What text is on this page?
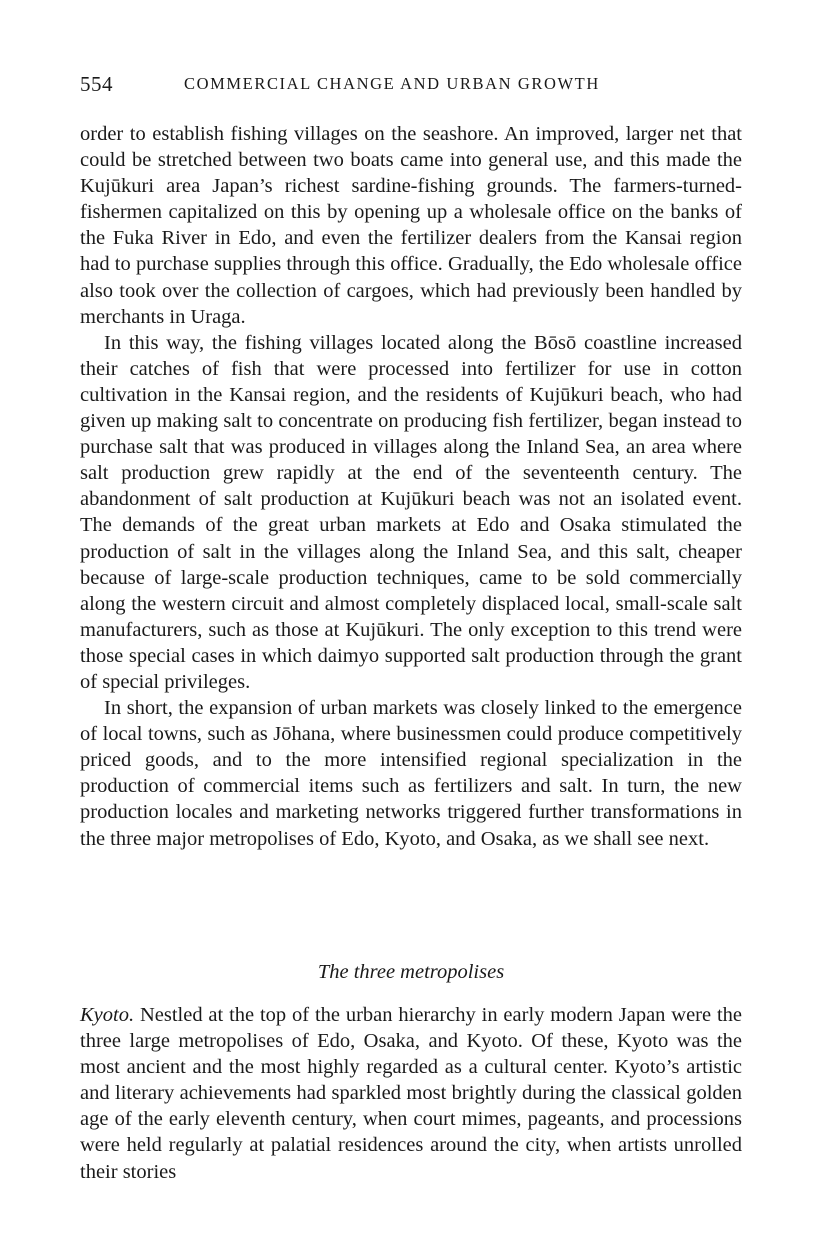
554	COMMERCIAL CHANGE AND URBAN GROWTH

order to establish fishing villages on the seashore. An improved, larger net that could be stretched between two boats came into general use, and this made the Kujūkuri area Japan’s richest sardine-fishing grounds. The farmers-turned-fishermen capitalized on this by opening up a wholesale office on the banks of the Fuka River in Edo, and even the fertilizer dealers from the Kansai region had to purchase supplies through this office. Gradually, the Edo wholesale office also took over the collection of cargoes, which had previously been handled by merchants in Uraga.

In this way, the fishing villages located along the Bōsō coastline increased their catches of fish that were processed into fertilizer for use in cotton cultivation in the Kansai region, and the residents of Kujūkuri beach, who had given up making salt to concentrate on producing fish fertilizer, began instead to purchase salt that was produced in villages along the Inland Sea, an area where salt production grew rapidly at the end of the seventeenth century. The abandonment of salt production at Kujūkuri beach was not an isolated event. The demands of the great urban markets at Edo and Osaka stimulated the production of salt in the villages along the Inland Sea, and this salt, cheaper because of large-scale production techniques, came to be sold commercially along the western circuit and almost completely displaced local, small-scale salt manufacturers, such as those at Kujūkuri. The only exception to this trend were those special cases in which daimyo supported salt production through the grant of special privileges.

In short, the expansion of urban markets was closely linked to the emergence of local towns, such as Jōhana, where businessmen could produce competitively priced goods, and to the more intensified regional specialization in the production of commercial items such as fertilizers and salt. In turn, the new production locales and marketing networks triggered further transformations in the three major metropolises of Edo, Kyoto, and Osaka, as we shall see next.

The three metropolises

Kyoto. Nestled at the top of the urban hierarchy in early modern Japan were the three large metropolises of Edo, Osaka, and Kyoto. Of these, Kyoto was the most ancient and the most highly regarded as a cultural center. Kyoto’s artistic and literary achievements had sparkled most brightly during the classical golden age of the early eleventh century, when court mimes, pageants, and processions were held regularly at palatial residences around the city, when artists unrolled their stories
